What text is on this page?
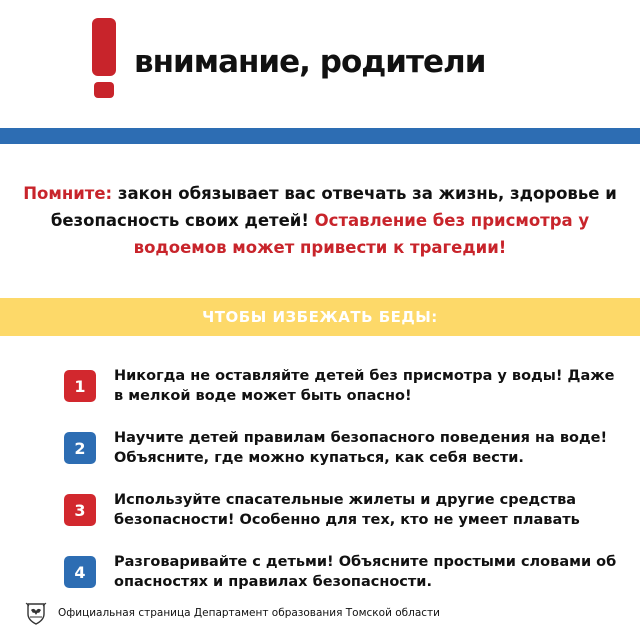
внимание, родители
Помните: закон обязывает вас отвечать за жизнь, здоровье и безопасность своих детей! Оставление без присмотра у водоемов может привести к трагедии!
ЧТОБЫ ИЗБЕЖАТЬ БЕДЫ:
1
Никогда не оставляйте детей без присмотра у воды! Даже в мелкой воде может быть опасно!
2
Научите детей правилам безопасного поведения на воде! Объясните, где можно купаться, как себя вести.
3
Используйте спасательные жилеты и другие средства безопасности! Особенно для тех, кто не умеет плавать
4
Разговаривайте с детьми! Объясните простыми словами об опасностях и правилах безопасности.
Официальная страница Департамент образования Томской области
